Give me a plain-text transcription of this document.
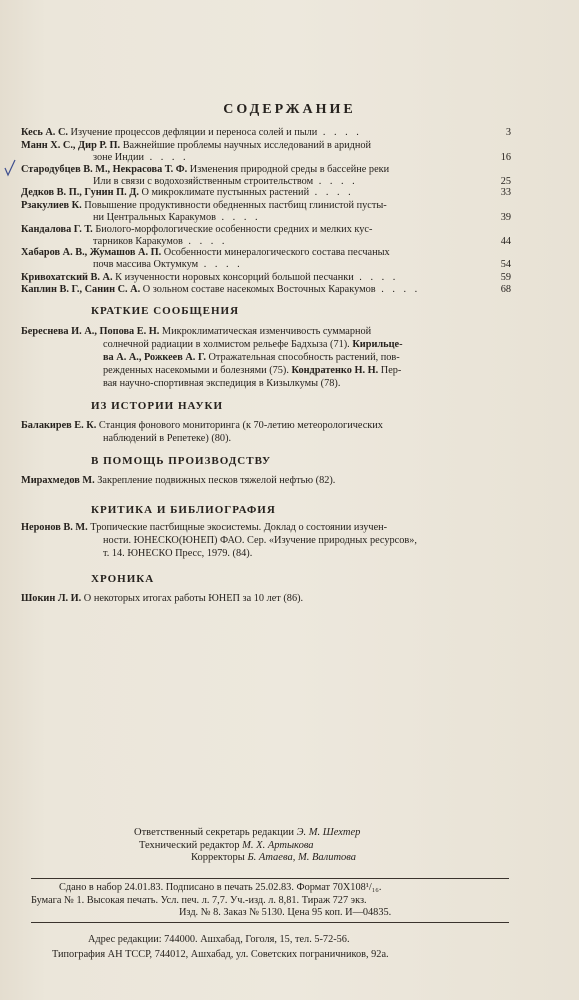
СОДЕРЖАНИЕ
Кесь А. С. Изучение процессов дефляции и переноса солей и пыли . . . .	3
Манн Х. С., Дир Р. П. Важнейшие проблемы научных исследований в аридной
зоне Индии . . . .	16
Стародубцев В. М., Некрасова Т. Ф. Изменения природной среды в бассейне реки
Или в связи с водохозяйственным строительством . . . .	25
Дедков В. П., Гунин П. Д. О микроклимате пустынных растений . . . .	33
Рзакулиев К. Повышение продуктивности обедненных пастбищ глинистой пусты-
ни Центральных Каракумов . . . .	39
Кандалова Г. Т. Биолого-морфологические особенности средних и мелких кус-
тарников Каракумов . . . .	44
Хабаров А. В., Жумашов А. П. Особенности минералогического состава песчаных
почв массива Октумкум . . . .	54
Кривохатский В. А. К изученности норовых консорций большой песчанки . . . .	59
Каплин В. Г., Санин С. А. О зольном составе насекомых Восточных Каракумов . . . .	68
КРАТКИЕ СООБЩЕНИЯ
Береснева И. А., Попова Е. Н. Микроклиматическая изменчивость суммарной
солнечной радиации в холмистом рельефе Бадхыза (71). Кирильце-
ва А. А., Рожкеев А. Г. Отражательная способность растений, пов-
режденных насекомыми и болезнями (75). Кондратенко Н. Н. Пер-
вая научно-спортивная экспедиция в Кизылкумы (78).
ИЗ ИСТОРИИ НАУКИ
Балакирев Е. К. Станция фонового мониторинга (к 70-летию метеорологических
наблюдений в Репетеке) (80).
В ПОМОЩЬ ПРОИЗВОДСТВУ
Мирахмедов М. Закрепление подвижных песков тяжелой нефтью (82).
КРИТИКА И БИБЛИОГРАФИЯ
Неронов В. М. Тропические пастбищные экосистемы. Доклад о состоянии изучен-
ности. ЮНЕСКО(ЮНЕП) ФАО. Сер. «Изучение природных ресурсов»,
т. 14. ЮНЕСКО Пресс, 1979. (84).
ХРОНИКА
Шокин Л. И. О некоторых итогах работы ЮНЕП за 10 лет (86).
Ответственный секретарь редакции Э. М. Шехтер
Технический редактор М. Х. Артыкова
Корректоры Б. Атаева, М. Валитова
Сдано в набор 24.01.83. Подписано в печать 25.02.83. Формат 70Х108¹/₁₆.
Бумага № 1. Высокая печать. Усл. печ. л. 7,7. Уч.-изд. л. 8,81. Тираж 727 экз.
Изд. № 8. Заказ № 5130. Цена 95 коп. И—04835.
Адрес редакции: 744000. Ашхабад, Гоголя, 15, тел. 5-72-56.
Типография АН ТССР, 744012, Ашхабад, ул. Советских пограничников, 92а.
